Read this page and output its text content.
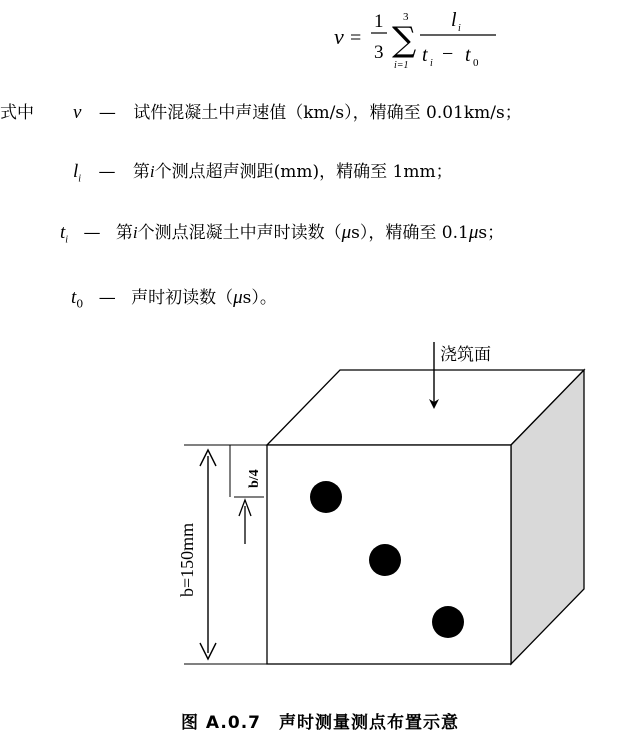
v =
1
3
3
∑
i=1
l i
t i − t 0
式中 v — 试件混凝土中声速值（km/s），精确至 0.01km/s；
$l_i$ — 第i个测点超声测距(mm)，精确至 1mm；
$t_i$ — 第i个测点混凝土中声时读数（μs），精确至 0.1μs；
$t_0$ — 声时初读数（μs）。
浇筑面
b=150mm
b/4
图 A.0.7　声时测量测点布置示意
